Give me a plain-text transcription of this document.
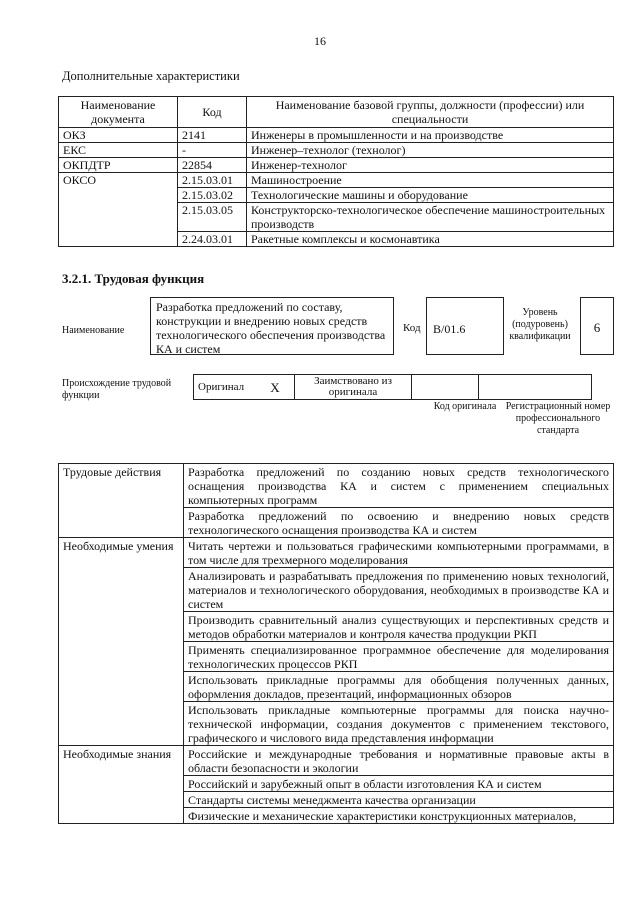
16
Дополнительные характеристики
Наименование документа	Код	Наименование базовой группы, должности (профессии) или специальности
ОКЗ	2141	Инженеры в промышленности и на производстве
ЕКС	-	Инженер–технолог (технолог)
ОКПДТР	22854	Инженер-технолог
ОКСО	2.15.03.01	Машиностроение
	2.15.03.02	Технологические машины и оборудование
	2.15.03.05	Конструкторско-технологическое обеспечение машиностроительных производств
	2.24.03.01	Ракетные комплексы и космонавтика
3.2.1. Трудовая функция
Наименование
Разработка предложений по составу, конструкции и внедрению новых средств технологического обеспечения производства КА и систем
Код	B/01.6
Уровень (подуровень) квалификации
6
Происхождение трудовой функции
Оригинал	X	Заимствовано из оригинала		
Код оригинала Регистрационный номер профессионального стандарта
Трудовые действия	Разработка предложений по созданию новых средств технологического оснащения производства КА и систем с применением специальных компьютерных программ
	Разработка предложений по освоению и внедрению новых средств технологического оснащения производства КА и систем
Необходимые умения	Читать чертежи и пользоваться графическими компьютерными программами, в том числе для трехмерного моделирования
	Анализировать и разрабатывать предложения по применению новых технологий, материалов и технологического оборудования, необходимых в производстве КА и систем
	Производить сравнительный анализ существующих и перспективных средств и методов обработки материалов и контроля качества продукции РКП
	Применять специализированное программное обеспечение для моделирования технологических процессов РКП
	Использовать прикладные программы для обобщения полученных данных, оформления докладов, презентаций, информационных обзоров
	Использовать прикладные компьютерные программы для поиска научно-технической информации, создания документов с применением текстового, графического и числового вида представления информации
Необходимые знания	Российские и международные требования и нормативные правовые акты в области безопасности и экологии
	Российский и зарубежный опыт в области изготовления КА и систем
	Стандарты системы менеджмента качества организации
	Физические и механические характеристики конструкционных материалов,
